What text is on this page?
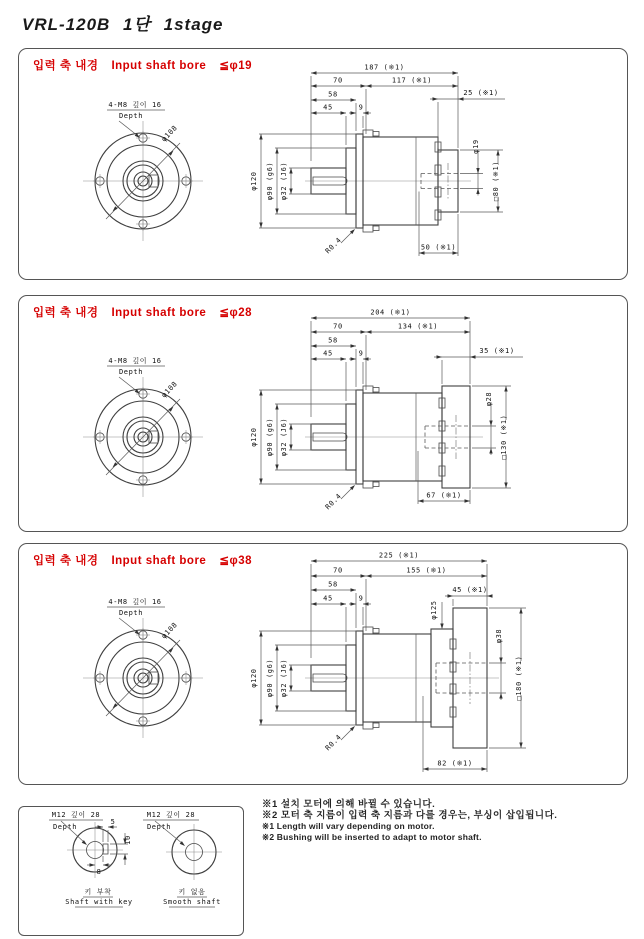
VRL-120B 1단 1stage
입력 축 내경 Input shaft bore ≦φ19
φ108
4-M8 깊이 16
Depth
187 (※1)
70	117 (※1)
58
45	9
25 (※1)
50 (※1)
φ120 φ90 (g6) φ32 (J6)
φ19
□80 (※1)
R0.4
입력 축 내경 Input shaft bore ≦φ28
φ108
4-M8 깊이 16
Depth
204 (※1)
70	134 (※1)
58
45	9	35 (※1)
67 (※1)
φ120 φ90 (g6) φ32 (J6)
φ28
□130 (※1)
R0.4
입력 축 내경 Input shaft bore ≦φ38
φ108
4-M8 깊이 16
Depth
225 (※1)
70	155 (※1)
58
45	9
45 (※1)
82 (※1)
φ120 φ90 (g6) φ32 (J6)
φ38
□180 (※1)
φ125
R0.4
5
10
8
M12 깊이 28
Depth
키 부착
Shaft with key
M12 깊이 28
Depth
키 없음
Smooth shaft
※1 설치 모터에 의해 바뀔 수 있습니다.
※2 모터 축 지름이 입력 축 지름과 다를 경우는, 부싱이 삽입됩니다.
※1 Length will vary depending on motor.
※2 Bushing will be inserted to adapt to motor shaft.
